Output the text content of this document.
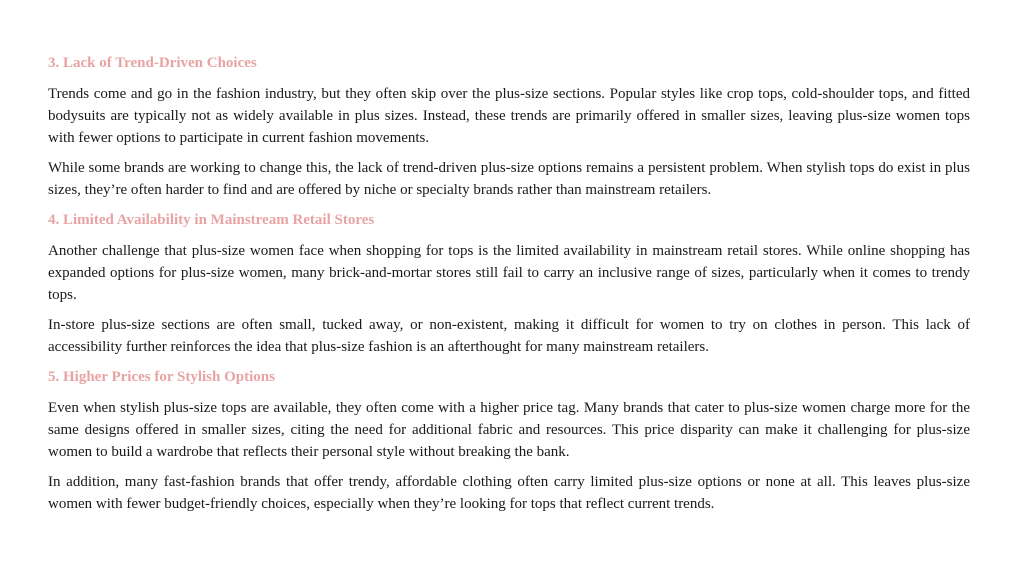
3. Lack of Trend-Driven Choices

Trends come and go in the fashion industry, but they often skip over the plus-size sections. Popular styles like crop tops, cold-shoulder tops, and fitted bodysuits are typically not as widely available in plus sizes. Instead, these trends are primarily offered in smaller sizes, leaving plus-size women tops with fewer options to participate in current fashion movements.

While some brands are working to change this, the lack of trend-driven plus-size options remains a persistent problem. When stylish tops do exist in plus sizes, they’re often harder to find and are offered by niche or specialty brands rather than mainstream retailers.

4. Limited Availability in Mainstream Retail Stores

Another challenge that plus-size women face when shopping for tops is the limited availability in mainstream retail stores. While online shopping has expanded options for plus-size women, many brick-and-mortar stores still fail to carry an inclusive range of sizes, particularly when it comes to trendy tops.

In-store plus-size sections are often small, tucked away, or non-existent, making it difficult for women to try on clothes in person. This lack of accessibility further reinforces the idea that plus-size fashion is an afterthought for many mainstream retailers.

5. Higher Prices for Stylish Options

Even when stylish plus-size tops are available, they often come with a higher price tag. Many brands that cater to plus-size women charge more for the same designs offered in smaller sizes, citing the need for additional fabric and resources. This price disparity can make it challenging for plus-size women to build a wardrobe that reflects their personal style without breaking the bank.

In addition, many fast-fashion brands that offer trendy, affordable clothing often carry limited plus-size options or none at all. This leaves plus-size women with fewer budget-friendly choices, especially when they’re looking for tops that reflect current trends.
